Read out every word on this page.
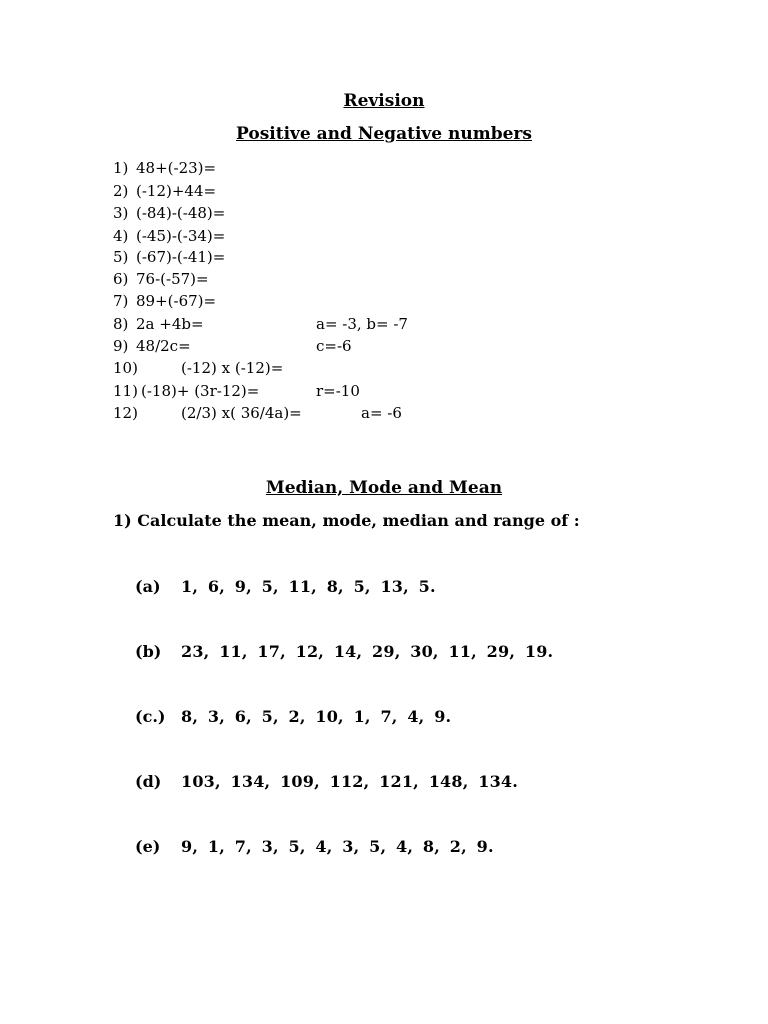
Revision
Positive and Negative numbers

1)

48+(-23)=

2)

(-12)+44=

3)

(-84)-(-48)=

4)

(-45)-(-34)=

5)

(-67)-(-41)=

6)

76-(-57)=

7)

89+(-67)=

8)

2a +4b=

	a= -3, b= -7

9)

48/2c=

	c=-6

10)

	(-12) x (-12)=

11)

(-18)+ (3r-12)=

	r=-10

12)

	(2/3) x( 36/4a)=

	a= -6

Median, Mode and Mean
1) Calculate the mean, mode, median and range of :
(a) 1, 6, 9, 5, 11, 8, 5, 13, 5.
(b) 23, 11, 17, 12, 14, 29, 30, 11, 29, 19.
(c.) 8, 3, 6, 5, 2, 10, 1, 7, 4, 9.
(d) 103, 134, 109, 112, 121, 148, 134.
(e) 9, 1, 7, 3, 5, 4, 3, 5, 4, 8, 2, 9.
